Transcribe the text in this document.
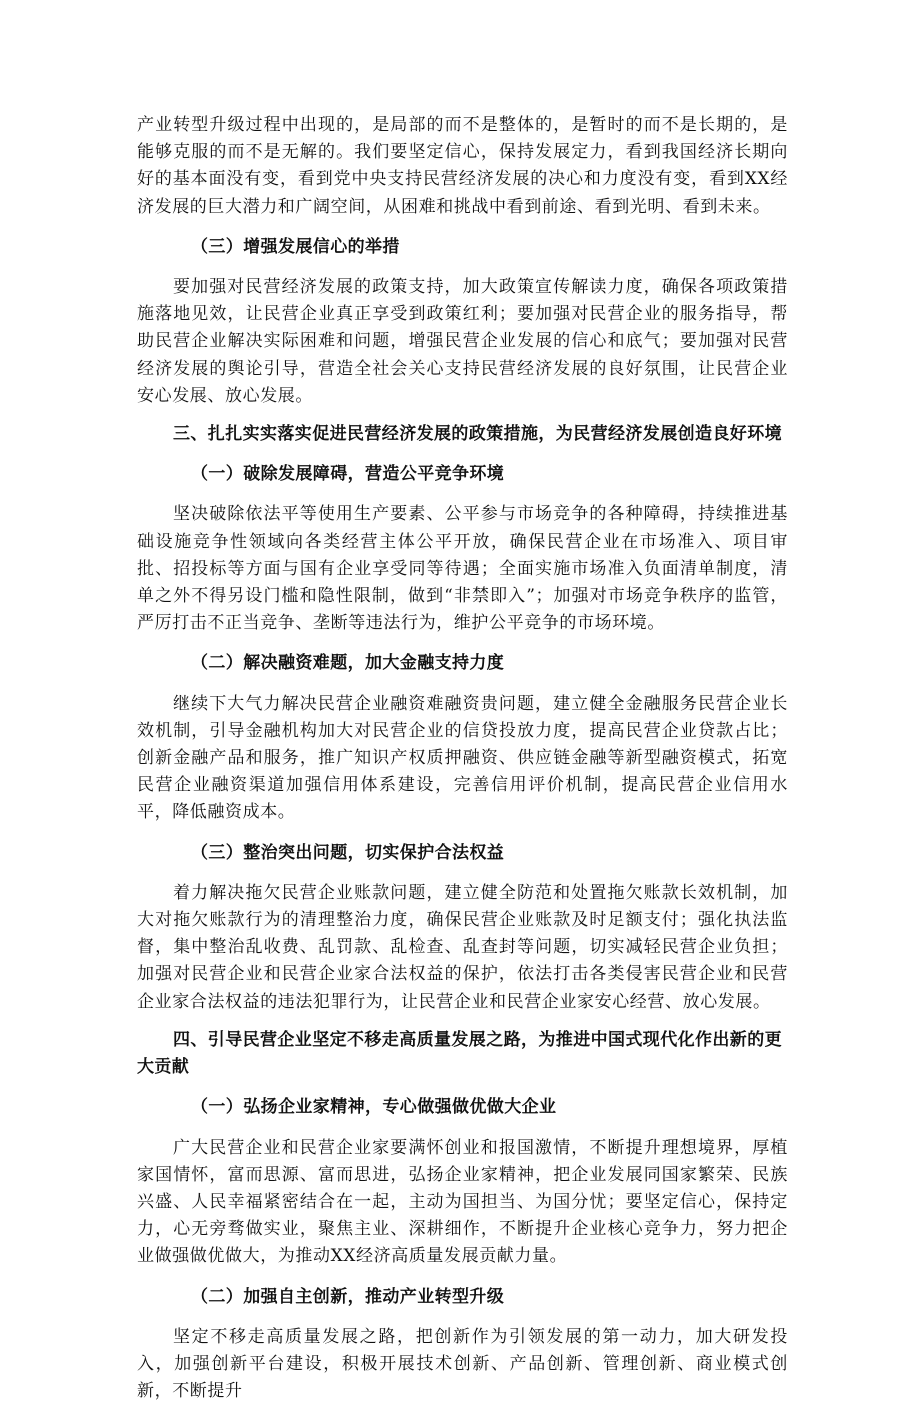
产业转型升级过程中出现的，是局部的而不是整体的，是暂时的而不是长期的，是能够克服的而不是无解的。我们要坚定信心，保持发展定力，看到我国经济长期向好的基本面没有变，看到党中央支持民营经济发展的决心和力度没有变，看到XX经济发展的巨大潜力和广阔空间，从困难和挑战中看到前途、看到光明、看到未来。

（三）增强发展信心的举措

要加强对民营经济发展的政策支持，加大政策宣传解读力度，确保各项政策措施落地见效，让民营企业真正享受到政策红利；要加强对民营企业的服务指导，帮助民营企业解决实际困难和问题，增强民营企业发展的信心和底气；要加强对民营经济发展的舆论引导，营造全社会关心支持民营经济发展的良好氛围，让民营企业安心发展、放心发展。

三、扎扎实实落实促进民营经济发展的政策措施，为民营经济发展创造良好环境

（一）破除发展障碍，营造公平竞争环境

坚决破除依法平等使用生产要素、公平参与市场竞争的各种障碍，持续推进基础设施竞争性领域向各类经营主体公平开放，确保民营企业在市场准入、项目审批、招投标等方面与国有企业享受同等待遇；全面实施市场准入负面清单制度，清单之外不得另设门槛和隐性限制，做到“非禁即入”；加强对市场竞争秩序的监管，严厉打击不正当竞争、垄断等违法行为，维护公平竞争的市场环境。

（二）解决融资难题，加大金融支持力度

继续下大气力解决民营企业融资难融资贵问题，建立健全金融服务民营企业长效机制，引导金融机构加大对民营企业的信贷投放力度，提高民营企业贷款占比；创新金融产品和服务，推广知识产权质押融资、供应链金融等新型融资模式，拓宽民营企业融资渠道加强信用体系建设，完善信用评价机制，提高民营企业信用水平，降低融资成本。

（三）整治突出问题，切实保护合法权益

着力解决拖欠民营企业账款问题，建立健全防范和处置拖欠账款长效机制，加大对拖欠账款行为的清理整治力度，确保民营企业账款及时足额支付；强化执法监督，集中整治乱收费、乱罚款、乱检查、乱查封等问题，切实减轻民营企业负担；加强对民营企业和民营企业家合法权益的保护，依法打击各类侵害民营企业和民营企业家合法权益的违法犯罪行为，让民营企业和民营企业家安心经营、放心发展。

四、引导民营企业坚定不移走高质量发展之路，为推进中国式现代化作出新的更大贡献

（一）弘扬企业家精神，专心做强做优做大企业

广大民营企业和民营企业家要满怀创业和报国激情，不断提升理想境界，厚植家国情怀，富而思源、富而思进，弘扬企业家精神，把企业发展同国家繁荣、民族兴盛、人民幸福紧密结合在一起，主动为国担当、为国分忧；要坚定信心，保持定力，心无旁骛做实业，聚焦主业、深耕细作，不断提升企业核心竞争力，努力把企业做强做优做大，为推动XX经济高质量发展贡献力量。

（二）加强自主创新，推动产业转型升级

坚定不移走高质量发展之路，把创新作为引领发展的第一动力，加大研发投入，加强创新平台建设，积极开展技术创新、产品创新、管理创新、商业模式创新，不断提升
